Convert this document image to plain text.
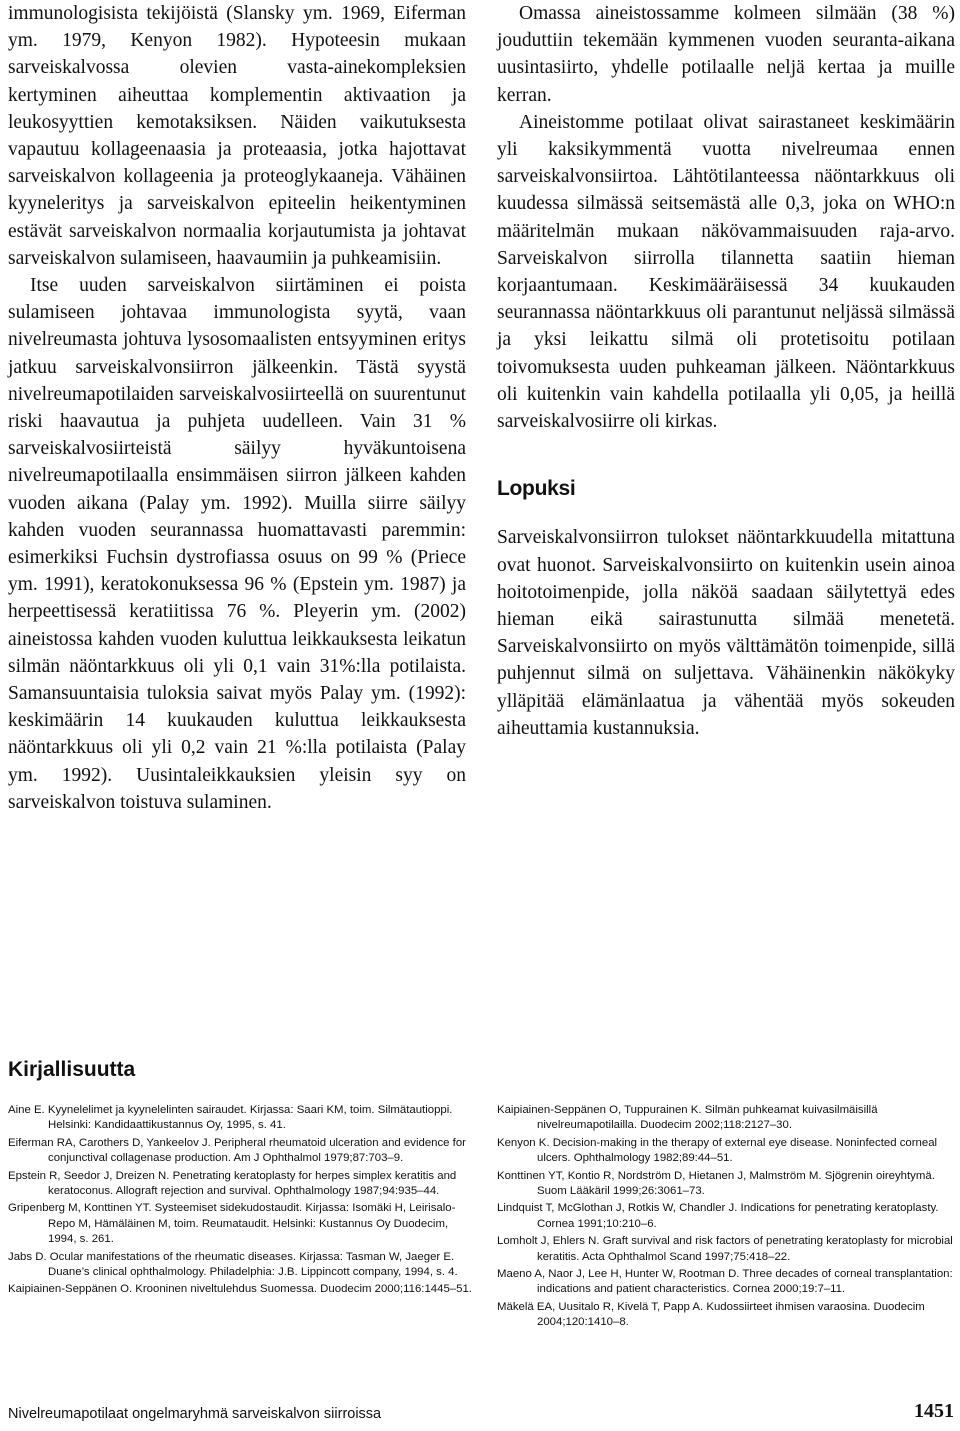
immunologisista tekijöistä (Slansky ym. 1969, Eiferman ym. 1979, Kenyon 1982). Hypoteesin mukaan sarveiskalvossa olevien vasta-ainekompleksien kertyminen aiheuttaa komplementin aktivaation ja leukosyyttien kemotaksiksen. Näiden vaikutuksesta vapautuu kollageenaasia ja proteaasia, jotka hajottavat sarveiskalvon kollageenia ja proteoglykaaneja. Vähäinen kyyneleritys ja sarveiskalvon epiteelin heikentyminen estävät sarveiskalvon normaalia korjautumista ja johtavat sarveiskalvon sulamiseen, haavaumiin ja puhkeamisiin.

Itse uuden sarveiskalvon siirtäminen ei poista sulamiseen johtavaa immunologista syytä, vaan nivelreumasta johtuva lysosomaalisten entsyyminen eritys jatkuu sarveiskalvonsiirron jälkeenkin. Tästä syystä nivelreumapotilaiden sarveiskalvosiirteellä on suurentunut riski haavautua ja puhjeta uudelleen. Vain 31 % sarveiskalvosiirteistä säilyy hyväkuntoisena nivelreumapotilaalla ensimmäisen siirron jälkeen kahden vuoden aikana (Palay ym. 1992). Muilla siirre säilyy kahden vuoden seurannassa huomattavasti paremmin: esimerkiksi Fuchsin dystrofiassa osuus on 99 % (Priece ym. 1991), keratokonuksessa 96 % (Epstein ym. 1987) ja herpeettisessä keratiitissa 76 %. Pleyerin ym. (2002) aineistossa kahden vuoden kuluttua leikkauksesta leikatun silmän näöntarkkuus oli yli 0,1 vain 31%:lla potilaista. Samansuuntaisia tuloksia saivat myös Palay ym. (1992): keskimäärin 14 kuukauden kuluttua leikkauksesta näöntarkkuus oli yli 0,2 vain 21 %:lla potilaista (Palay ym. 1992). Uusintaleikkauksien yleisin syy on sarveiskalvon toistuva sulaminen.

Omassa aineistossamme kolmeen silmään (38 %) jouduttiin tekemään kymmenen vuoden seuranta-aikana uusintasiirto, yhdelle potilaalle neljä kertaa ja muille kerran.

Aineistomme potilaat olivat sairastaneet keskimäärin yli kaksikymmentä vuotta nivelreumaa ennen sarveiskalvonsiirtoa. Lähtötilanteessa näöntarkkuus oli kuudessa silmässä seitsemästä alle 0,3, joka on WHO:n määritelmän mukaan näkövammaisuuden raja-arvo. Sarveiskalvon siirrolla tilannetta saatiin hieman korjaantumaan. Keskimääräisessä 34 kuukauden seurannassa näöntarkkuus oli parantunut neljässä silmässä ja yksi leikattu silmä oli protetisoitu potilaan toivomuksesta uuden puhkeaman jälkeen. Näöntarkkuus oli kuitenkin vain kahdella potilaalla yli 0,05, ja heillä sarveiskalvosiirre oli kirkas.

Lopuksi

Sarveiskalvonsiirron tulokset näöntarkkuudella mitattuna ovat huonot. Sarveiskalvonsiirto on kuitenkin usein ainoa hoitotoimenpide, jolla näköä saadaan säilytettyä edes hieman eikä sairastunutta silmää menetetä. Sarveiskalvonsiirto on myös välttämätön toimenpide, sillä puhjennut silmä on suljettava. Vähäinenkin näkökyky ylläpitää elämänlaatua ja vähentää myös sokeuden aiheuttamia kustannuksia.

Kirjallisuutta

Aine E. Kyynelelimet ja kyynelelinten sairaudet. Kirjassa: Saari KM, toim. Silmätautioppi. Helsinki: Kandidaattikustannus Oy, 1995, s. 41.

Eiferman RA, Carothers D, Yankeelov J. Peripheral rheumatoid ulceration and evidence for conjunctival collagenase production. Am J Ophthalmol 1979;87:703–9.

Epstein R, Seedor J, Dreizen N. Penetrating keratoplasty for herpes simplex keratitis and keratoconus. Allograft rejection and survival. Ophthalmology 1987;94:935–44.

Gripenberg M, Konttinen YT. Systeemiset sidekudostaudit. Kirjassa: Isomäki H, Leirisalo-Repo M, Hämäläinen M, toim. Reumataudit. Helsinki: Kustannus Oy Duodecim, 1994, s. 261.

Jabs D. Ocular manifestations of the rheumatic diseases. Kirjassa: Tasman W, Jaeger E. Duane’s clinical ophthalmology. Philadelphia: J.B. Lippincott company, 1994, s. 4.

Kaipiainen-Seppänen O. Krooninen niveltulehdus Suomessa. Duodecim 2000;116:1445–51.

Kaipiainen-Seppänen O, Tuppurainen K. Silmän puhkeamat kuivasilmäisillä nivelreumapotilailla. Duodecim 2002;118:2127–30.

Kenyon K. Decision-making in the therapy of external eye disease. Noninfected corneal ulcers. Ophthalmology 1982;89:44–51.

Konttinen YT, Kontio R, Nordström D, Hietanen J, Malmström M. Sjögrenin oireyhtymä. Suom Lääkäril 1999;26:3061–73.

Lindquist T, McGlothan J, Rotkis W, Chandler J. Indications for penetrating keratoplasty. Cornea 1991;10:210–6.

Lomholt J, Ehlers N. Graft survival and risk factors of penetrating keratoplasty for microbial keratitis. Acta Ophthalmol Scand 1997;75:418–22.

Maeno A, Naor J, Lee H, Hunter W, Rootman D. Three decades of corneal transplantation: indications and patient characteristics. Cornea 2000;19:7–11.

Mäkelä EA, Uusitalo R, Kivelä T, Papp A. Kudossiirteet ihmisen varaosina. Duodecim 2004;120:1410–8.

Nivelreumapotilaat ongelmaryhmä sarveiskalvon siirroissa	1451
